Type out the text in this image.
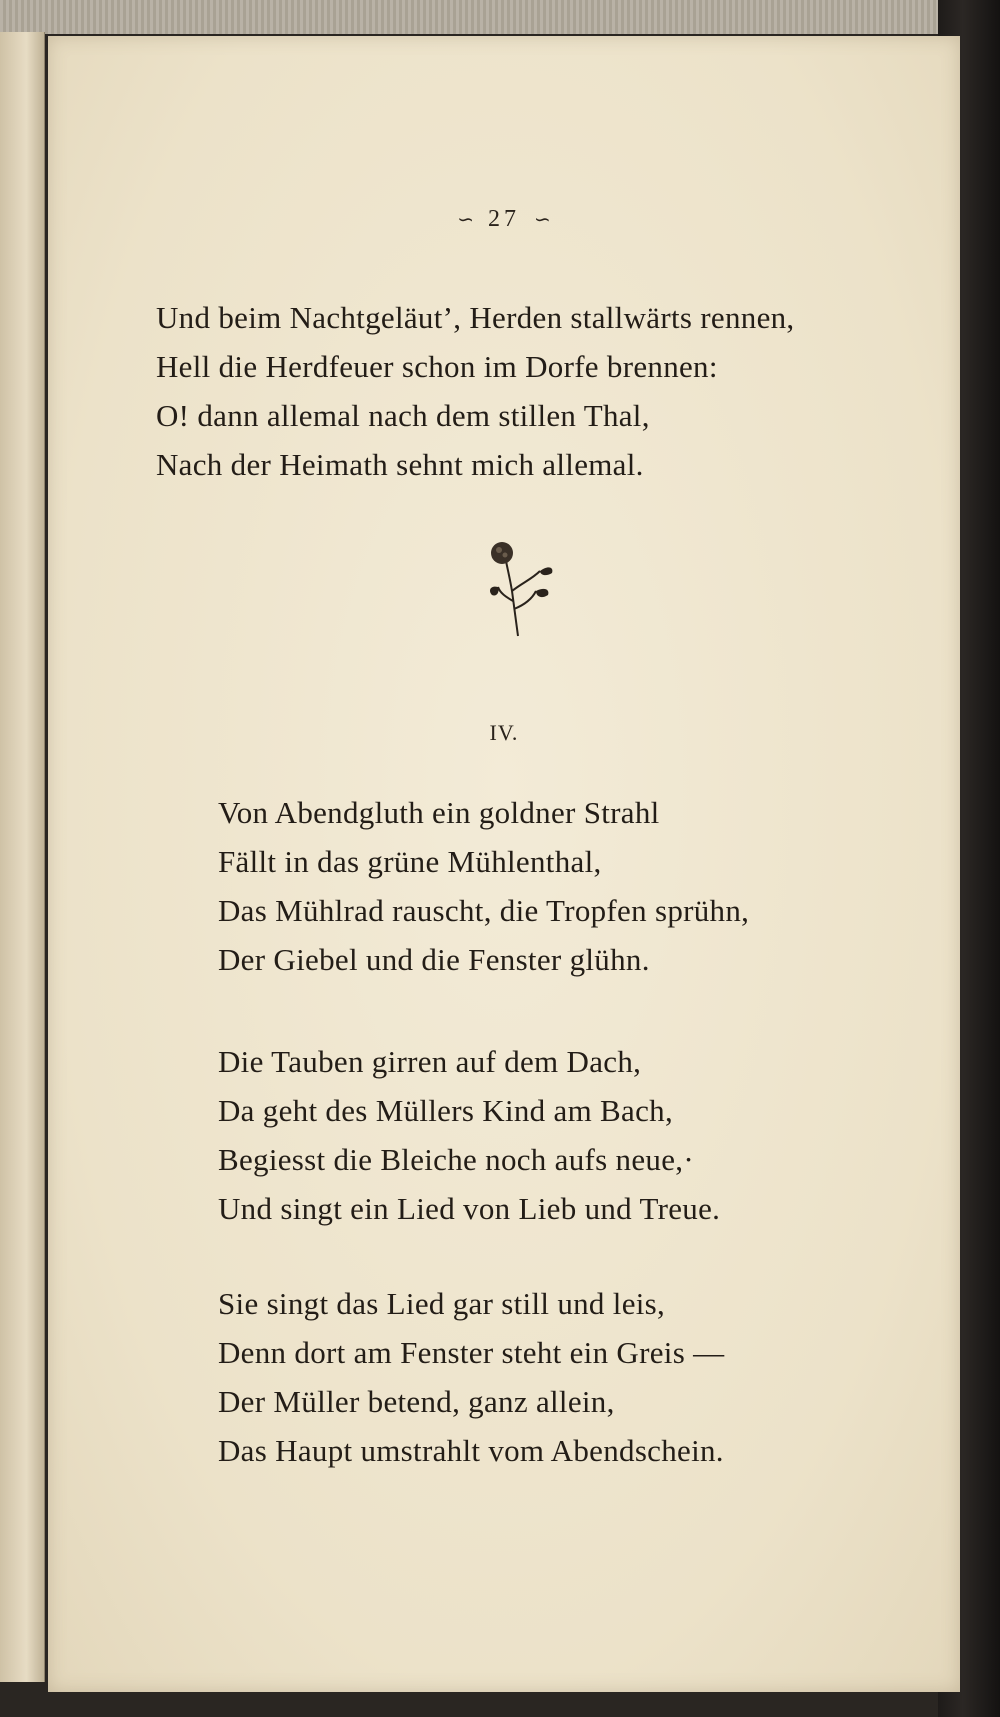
∽ 27 ∽
Und beim Nachtgeläut’, Herden stallwärts rennen,
Hell die Herdfeuer schon im Dorfe brennen:
O! dann allemal nach dem stillen Thal,
Nach der Heimath sehnt mich allemal.
IV.
Von Abendgluth ein goldner Strahl
Fällt in das grüne Mühlenthal,
Das Mühlrad rauscht, die Tropfen sprühn,
Der Giebel und die Fenster glühn.
Die Tauben girren auf dem Dach,
Da geht des Müllers Kind am Bach,
Begiesst die Bleiche noch aufs neue,·
Und singt ein Lied von Lieb und Treue.
Sie singt das Lied gar still und leis,
Denn dort am Fenster steht ein Greis —
Der Müller betend, ganz allein,
Das Haupt umstrahlt vom Abendschein.
